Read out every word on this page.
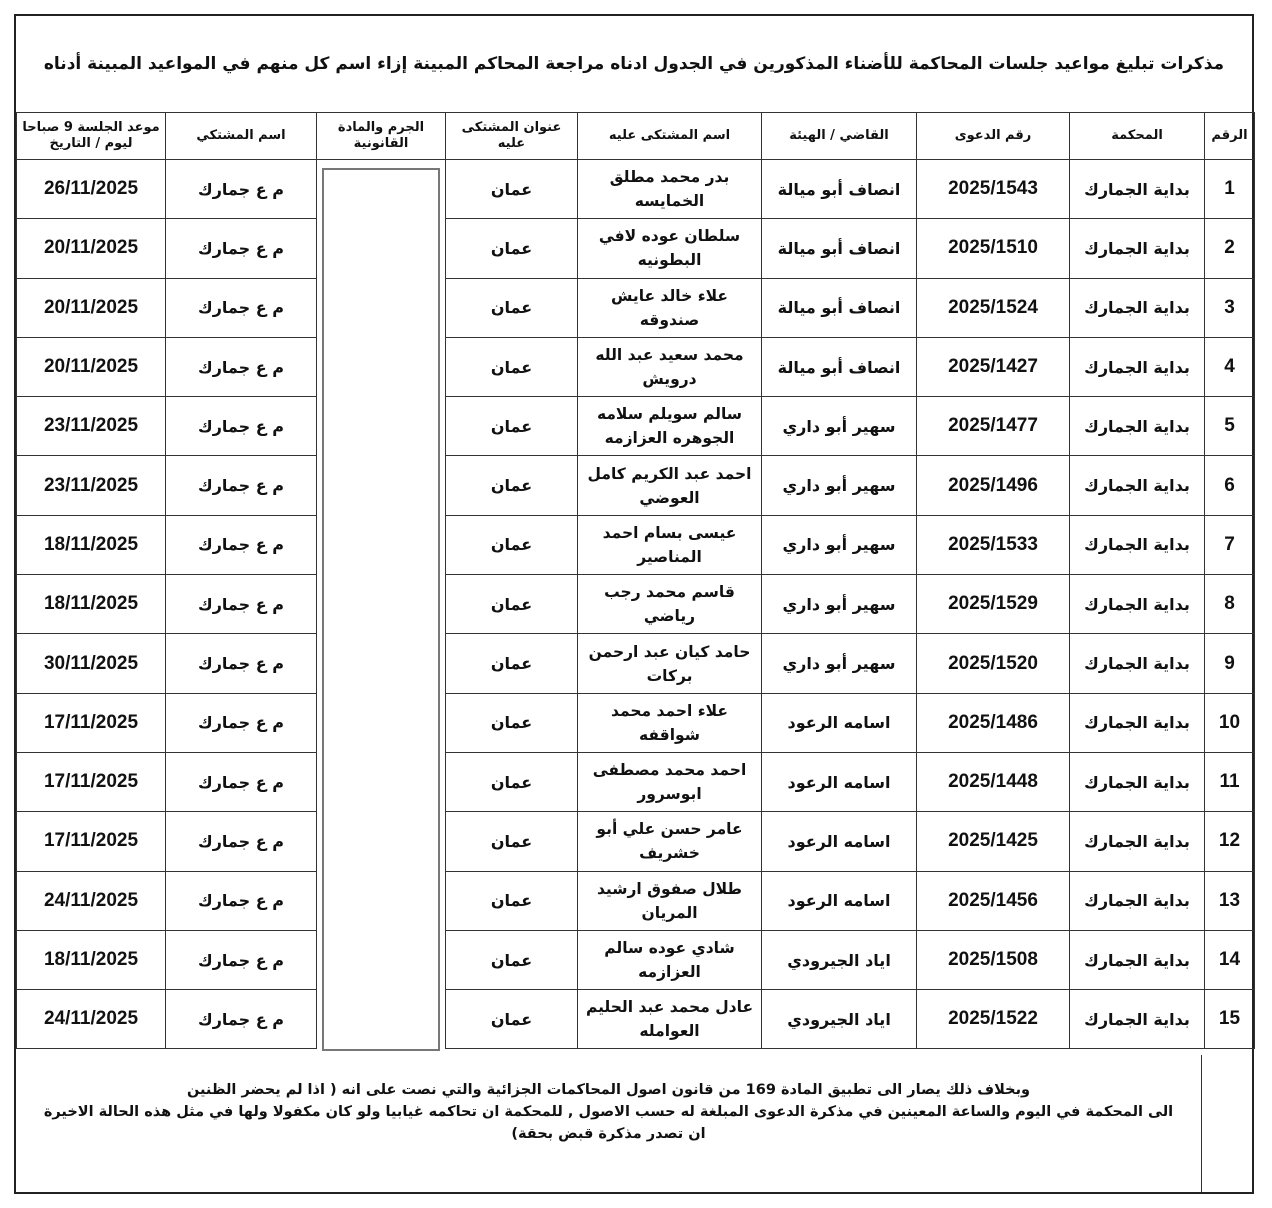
مذكرات تبليغ مواعيد جلسات المحاكمة للأضناء المذكورين في الجدول ادناه مراجعة المحاكم المبينة إزاء اسم كل منهم في المواعيد المبينة أدناه
الرقم	المحكمة	رقم الدعوى	القاضي / الهيئة	اسم المشتكى عليه	عنوان المشتكى عليه	الجرم والمادة القانونية	اسم المشتكي	موعد الجلسة 9 صباحا ليوم / التاريخ
1	بداية الجمارك	2025/1543	انصاف أبو ميالة	بدر محمد مطلق الخمايسه	عمان		م ع جمارك	26/11/2025
2	بداية الجمارك	2025/1510	انصاف أبو ميالة	سلطان عوده لافي البطونيه	عمان		م ع جمارك	20/11/2025
3	بداية الجمارك	2025/1524	انصاف أبو ميالة	علاء خالد عايش صندوقه	عمان		م ع جمارك	20/11/2025
4	بداية الجمارك	2025/1427	انصاف أبو ميالة	محمد سعيد عبد الله درويش	عمان		م ع جمارك	20/11/2025
5	بداية الجمارك	2025/1477	سهير أبو داري	سالم سويلم سلامه الجوهره العزازمه	عمان		م ع جمارك	23/11/2025
6	بداية الجمارك	2025/1496	سهير أبو داري	احمد عبد الكريم كامل العوضي	عمان		م ع جمارك	23/11/2025
7	بداية الجمارك	2025/1533	سهير أبو داري	عيسى بسام احمد المناصير	عمان		م ع جمارك	18/11/2025
8	بداية الجمارك	2025/1529	سهير أبو داري	قاسم محمد رجب رياضي	عمان		م ع جمارك	18/11/2025
9	بداية الجمارك	2025/1520	سهير أبو داري	حامد كيان عبد ارحمن بركات	عمان		م ع جمارك	30/11/2025
10	بداية الجمارك	2025/1486	اسامه الرعود	علاء احمد محمد شواقفه	عمان		م ع جمارك	17/11/2025
11	بداية الجمارك	2025/1448	اسامه الرعود	احمد محمد مصطفى ابوسرور	عمان		م ع جمارك	17/11/2025
12	بداية الجمارك	2025/1425	اسامه الرعود	عامر حسن علي أبو خشريف	عمان		م ع جمارك	17/11/2025
13	بداية الجمارك	2025/1456	اسامه الرعود	طلال صفوق ارشيد المريان	عمان		م ع جمارك	24/11/2025
14	بداية الجمارك	2025/1508	اياد الجيرودي	شادي عوده سالم العزازمه	عمان		م ع جمارك	18/11/2025
15	بداية الجمارك	2025/1522	اياد الجيرودي	عادل محمد عبد الحليم العوامله	عمان		م ع جمارك	24/11/2025
وبخلاف ذلك يصار الى تطبيق المادة 169 من قانون اصول المحاكمات الجزائية والتي نصت على انه ( اذا لم يحضر الظنين
الى المحكمة في اليوم والساعة المعينين في مذكرة الدعوى المبلغة له حسب الاصول , للمحكمة ان تحاكمه غيابيا ولو كان مكفولا ولها في مثل هذه الحالة الاخيرة
ان تصدر مذكرة قبض بحقة)
